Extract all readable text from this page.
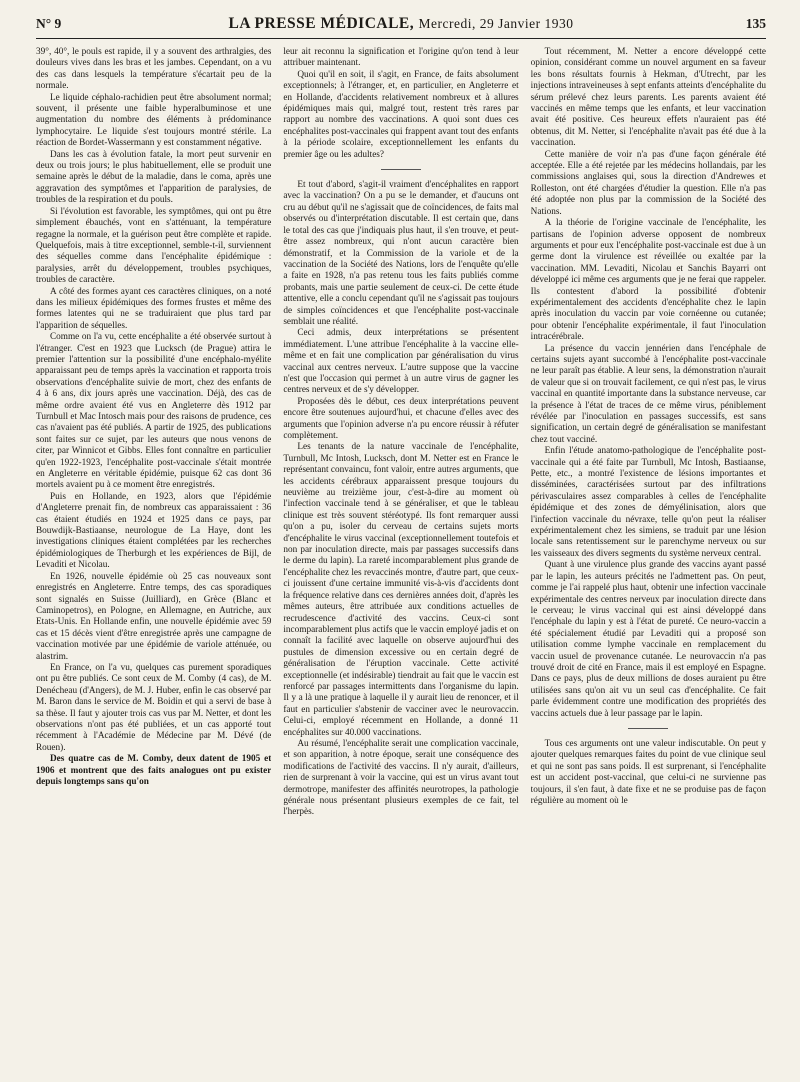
N° 9	LA PRESSE MÉDICALE, Mercredi, 29 Janvier 1930	135

39°, 40°, le pouls est rapide, il y a souvent des arthralgies, des douleurs vives dans les bras et les jambes. Cependant, on a vu des cas dans lesquels la température s'écartait peu de la normale.

Le liquide céphalo-rachidien peut être absolument normal; souvent, il présente une faible hyperalbuminose et une augmentation du nombre des éléments à prédominance lymphocytaire. Le liquide s'est toujours montré stérile. La réaction de Bordet-Wassermann y est constamment négative.

Dans les cas à évolution fatale, la mort peut survenir en deux ou trois jours; le plus habituellement, elle se produit une semaine après le début de la maladie, dans le coma, après une aggravation des symptômes et l'apparition de paralysies, de troubles de la respiration et du pouls.

Si l'évolution est favorable, les symptômes, qui ont pu être simplement ébauchés, vont en s'atténuant, la température regagne la normale, et la guérison peut être complète et rapide. Quelquefois, mais à titre exceptionnel, semble-t-il, surviennent des séquelles comme dans l'encéphalite épidémique : paralysies, arrêt du développement, troubles psychiques, troubles de caractère.

A côté des formes ayant ces caractères cliniques, on a noté dans les milieux épidémiques des formes frustes et même des formes latentes qui ne se traduiraient que plus tard par l'apparition de séquelles.

Comme on l'a vu, cette encéphalite a été observée surtout à l'étranger. C'est en 1923 que Lucksch (de Prague) attira le premier l'attention sur la possibilité d'une encéphalo-myélite apparaissant peu de temps après la vaccination et rapporta trois observations d'encéphalite suivie de mort, chez des enfants de 4 à 6 ans, dix jours après une vaccination. Déjà, des cas de même ordre avaient été vus en Angleterre dès 1912 par Turnbull et Mac Intosch mais pour des raisons de prudence, ces cas n'avaient pas été publiés. A partir de 1925, des publications sont faites sur ce sujet, par les auteurs que nous venons de citer, par Winnicot et Gibbs. Elles font connaître en particulier qu'en 1922-1923, l'encéphalite post-vaccinale s'était montrée en Angleterre en véritable épidémie, puisque 62 cas dont 36 mortels avaient pu à ce moment être enregistrés.

Puis en Hollande, en 1923, alors que l'épidémie d'Angleterre prenait fin, de nombreux cas apparaissaient : 36 cas étaient étudiés en 1924 et 1925 dans ce pays, par Bouwdijk-Bastiaanse, neurologue de La Haye, dont les investigations cliniques étaient complétées par les recherches épidémiologiques de Therburgh et les expériences de Bijl, de Levaditi et Nicolau.

En 1926, nouvelle épidémie où 25 cas nouveaux sont enregistrés en Angleterre. Entre temps, des cas sporadiques sont signalés en Suisse (Juilliard), en Grèce (Blanc et Caminopetros), en Pologne, en Allemagne, en Autriche, aux Etats-Unis. En Hollande enfin, une nouvelle épidémie avec 59 cas et 15 décès vient d'être enregistrée après une campagne de vaccination motivée par une épidémie de variole atténuée, ou alastrim.

En France, on l'a vu, quelques cas purement sporadiques ont pu être publiés. Ce sont ceux de M. Comby (4 cas), de M. Denécheau (d'Angers), de M. J. Huber, enfin le cas observé par M. Baron dans le service de M. Boidin et qui a servi de base à sa thèse. Il faut y ajouter trois cas vus par M. Netter, et dont les observations n'ont pas été publiées, et un cas apporté tout récemment à l'Académie de Médecine par M. Dévé (de Rouen).

Des quatre cas de M. Comby, deux datent de 1905 et 1906 et montrent que des faits analogues ont pu exister depuis longtemps sans qu'on

leur ait reconnu la signification et l'origine qu'on tend à leur attribuer maintenant.

Quoi qu'il en soit, il s'agit, en France, de faits absolument exceptionnels; à l'étranger, et, en particulier, en Angleterre et en Hollande, d'accidents relativement nombreux et à allures épidémiques mais qui, malgré tout, restent très rares par rapport au nombre des vaccinations. A quoi sont dues ces encéphalites post-vaccinales qui frappent avant tout des enfants à la période scolaire, exceptionnellement les enfants du premier âge ou les adultes?

Et tout d'abord, s'agit-il vraiment d'encéphalites en rapport avec la vaccination? On a pu se le demander, et d'aucuns ont cru au début qu'il ne s'agissait que de coïncidences, de faits mal observés ou d'interprétation discutable. Il est certain que, dans le total des cas que j'indiquais plus haut, il s'en trouve, et peut-être assez nombreux, qui n'ont aucun caractère bien démonstratif, et la Commission de la variole et de la vaccination de la Société des Nations, lors de l'enquête qu'elle a faite en 1928, n'a pas retenu tous les faits publiés comme probants, mais une partie seulement de ceux-ci. De cette étude attentive, elle a conclu cependant qu'il ne s'agissait pas toujours de simples coïncidences et que l'encéphalite post-vaccinale semblait une réalité.

Ceci admis, deux interprétations se présentent immédiatement. L'une attribue l'encéphalite à la vaccine elle-même et en fait une complication par généralisation du virus vaccinal aux centres nerveux. L'autre suppose que la vaccine n'est que l'occasion qui permet à un autre virus de gagner les centres nerveux et de s'y développer.

Proposées dès le début, ces deux interprétations peuvent encore être soutenues aujourd'hui, et chacune d'elles avec des arguments que l'opinion adverse n'a pu encore réussir à réfuter complètement.

Les tenants de la nature vaccinale de l'encéphalite, Turnbull, Mc Intosh, Lucksch, dont M. Netter est en France le représentant convaincu, font valoir, entre autres arguments, que les accidents cérébraux apparaissent presque toujours du neuvième au treizième jour, c'est-à-dire au moment où l'infection vaccinale tend à se généraliser, et que le tableau clinique est très souvent stéréotypé. Ils font remarquer aussi qu'on a pu, isoler du cerveau de certains sujets morts d'encéphalite le virus vaccinal (exceptionnellement toutefois et non par inoculation directe, mais par passages successifs dans le derme du lapin). La rareté incomparablement plus grande de l'encéphalite chez les revaccinés montre, d'autre part, que ceux-ci jouissent d'une certaine immunité vis-à-vis d'accidents dont la fréquence relative dans ces dernières années doit, d'après les mêmes auteurs, être attribuée aux conditions actuelles de recrudescence d'activité des vaccins. Ceux-ci sont incomparablement plus actifs que le vaccin employé jadis et on connaît la facilité avec laquelle on observe aujourd'hui des pustules de dimension excessive ou en certain degré de généralisation de l'éruption vaccinale. Cette activité exceptionnelle (et indésirable) tiendrait au fait que le vaccin est renforcé par passages intermittents dans l'organisme du lapin. Il y a là une pratique à laquelle il y aurait lieu de renoncer, et il faut en particulier s'abstenir de vacciner avec le neurovaccin. Celui-ci, employé récemment en Hollande, a donné 11 encéphalites sur 40.000 vaccinations.

Au résumé, l'encéphalite serait une complication vaccinale, et son apparition, à notre époque, serait une conséquence des modifications de l'activité des vaccins. Il n'y aurait, d'ailleurs, rien de surprenant à voir la vaccine, qui est un virus avant tout dermotrope, manifester des affinités neurotropes, la pathologie générale nous présentant plusieurs exemples de ce fait, tel l'herpès.

Tout récemment, M. Netter a encore développé cette opinion, considérant comme un nouvel argument en sa faveur les bons résultats fournis à Hekman, d'Utrecht, par les injections intraveineuses à sept enfants atteints d'encéphalite du sérum prélevé chez leurs parents. Les parents avaient été vaccinés en même temps que les enfants, et leur vaccination avait été positive. Ces heureux effets n'auraient pas été obtenus, dit M. Netter, si l'encéphalite n'avait pas été due à la vaccination.

Cette manière de voir n'a pas d'une façon générale été acceptée. Elle a été rejetée par les médecins hollandais, par les commissions anglaises qui, sous la direction d'Andrewes et Rolleston, ont été chargées d'étudier la question. Elle n'a pas été adoptée non plus par la commission de la Société des Nations.

A la théorie de l'origine vaccinale de l'encéphalite, les partisans de l'opinion adverse opposent de nombreux arguments et pour eux l'encéphalite post-vaccinale est due à un germe dont la virulence est réveillée ou exaltée par la vaccination. MM. Levaditi, Nicolau et Sanchis Bayarri ont développé ici même ces arguments que je ne ferai que rappeler. Ils contestent d'abord la possibilité d'obtenir expérimentalement des accidents d'encéphalite chez le lapin après inoculation du vaccin par voie cornéenne ou cutanée; pour obtenir l'encéphalite expérimentale, il faut l'inoculation intracérébrale.

La présence du vaccin jennérien dans l'encéphale de certains sujets ayant succombé à l'encéphalite post-vaccinale ne leur paraît pas établie. A leur sens, la démonstration n'aurait de valeur que si on trouvait facilement, ce qui n'est pas, le virus vaccinal en quantité importante dans la substance nerveuse, car la présence à l'état de traces de ce même virus, péniblement révélée par l'inoculation en passages successifs, est sans signification, un certain degré de généralisation se manifestant chez tout vacciné.

Enfin l'étude anatomo-pathologique de l'encéphalite post-vaccinale qui a été faite par Turnbull, Mc Intosh, Bastiaanse, Pette, etc., a montré l'existence de lésions importantes et disséminées, caractérisées surtout par des infiltrations périvasculaires assez comparables à celles de l'encéphalite épidémique et des zones de démyélinisation, alors que l'infection vaccinale du névraxe, telle qu'on peut la réaliser expérimentalement chez les simiens, se traduit par une lésion locale sans retentissement sur le parenchyme nerveux ou sur les vaisseaux des divers segments du système nerveux central.

Quant à une virulence plus grande des vaccins ayant passé par le lapin, les auteurs précités ne l'admettent pas. On peut, comme je l'ai rappelé plus haut, obtenir une infection vaccinale expérimentale des centres nerveux par inoculation directe dans le cerveau; le virus vaccinal qui est ainsi développé dans l'encéphale du lapin y est à l'état de pureté. Ce neuro-vaccin a été spécialement étudié par Levaditi qui a proposé son utilisation comme lymphe vaccinale en remplacement du vaccin usuel de provenance cutanée. Le neurovaccin n'a pas trouvé droit de cité en France, mais il est employé en Espagne. Dans ce pays, plus de deux millions de doses auraient pu être utilisées sans qu'on ait vu un seul cas d'encéphalite. Ce fait parle évidemment contre une modification des propriétés des vaccins actuels due à leur passage par le lapin.

Tous ces arguments ont une valeur indiscutable. On peut y ajouter quelques remarques faites du point de vue clinique seul et qui ne sont pas sans poids. Il est surprenant, si l'encéphalite est un accident post-vaccinal, que celui-ci ne survienne pas toujours, il s'en faut, à date fixe et ne se produise pas de façon régulière au moment où le
